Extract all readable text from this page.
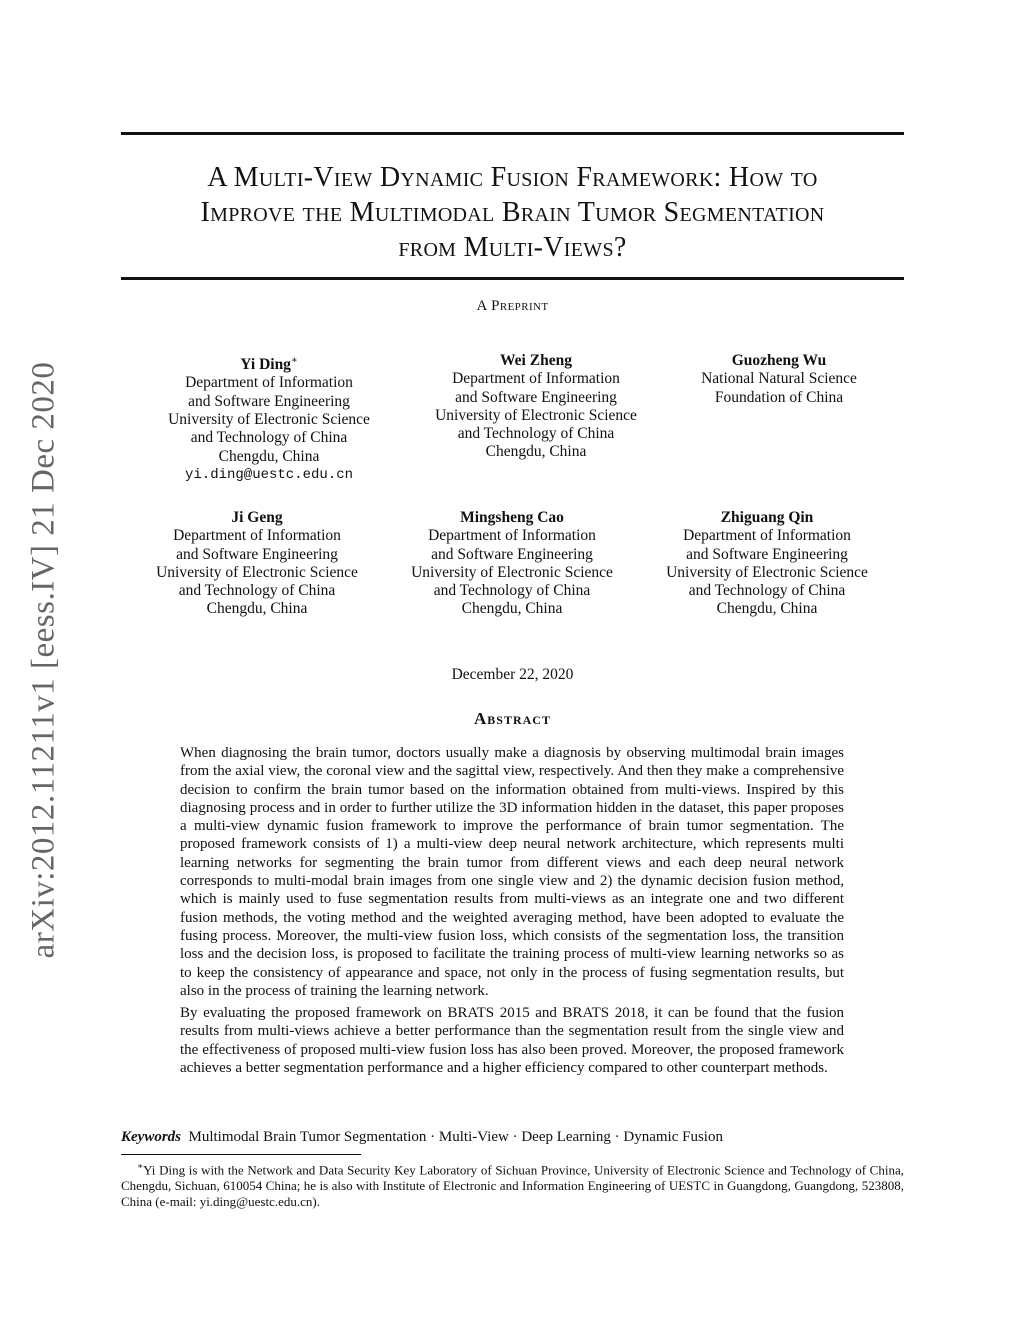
arXiv:2012.11211v1 [eess.IV] 21 Dec 2020
A Multi-View Dynamic Fusion Framework: How to
Improve the Multimodal Brain Tumor Segmentation
from Multi-Views?
A Preprint
Yi Ding∗
Department of Information
and Software Engineering
University of Electronic Science
and Technology of China
Chengdu, China
yi.ding@uestc.edu.cn
Wei Zheng
Department of Information
and Software Engineering
University of Electronic Science
and Technology of China
Chengdu, China
Guozheng Wu
National Natural Science
Foundation of China
Ji Geng
Department of Information
and Software Engineering
University of Electronic Science
and Technology of China
Chengdu, China
Mingsheng Cao
Department of Information
and Software Engineering
University of Electronic Science
and Technology of China
Chengdu, China
Zhiguang Qin
Department of Information
and Software Engineering
University of Electronic Science
and Technology of China
Chengdu, China
December 22, 2020
Abstract

When diagnosing the brain tumor, doctors usually make a diagnosis by observing multimodal brain images from the axial view, the coronal view and the sagittal view, respectively. And then they make a comprehensive decision to confirm the brain tumor based on the information obtained from multi-views. Inspired by this diagnosing process and in order to further utilize the 3D information hidden in the dataset, this paper proposes a multi-view dynamic fusion framework to improve the performance of brain tumor segmentation. The proposed framework consists of 1) a multi-view deep neural network architecture, which represents multi learning networks for segmenting the brain tumor from different views and each deep neural network corresponds to multi-modal brain images from one single view and 2) the dynamic decision fusion method, which is mainly used to fuse segmentation results from multi-views as an integrate one and two different fusion methods, the voting method and the weighted averaging method, have been adopted to evaluate the fusing process. Moreover, the multi-view fusion loss, which consists of the segmentation loss, the transition loss and the decision loss, is proposed to facilitate the training process of multi-view learning networks so as to keep the consistency of appearance and space, not only in the process of fusing segmentation results, but also in the process of training the learning network.

By evaluating the proposed framework on BRATS 2015 and BRATS 2018, it can be found that the fusion results from multi-views achieve a better performance than the segmentation result from the single view and the effectiveness of proposed multi-view fusion loss has also been proved. Moreover, the proposed framework achieves a better segmentation performance and a higher efficiency compared to other counterpart methods.

Keywords Multimodal Brain Tumor Segmentation · Multi-View · Deep Learning · Dynamic Fusion
∗Yi Ding is with the Network and Data Security Key Laboratory of Sichuan Province, University of Electronic Science and Technology of China, Chengdu, Sichuan, 610054 China; he is also with Institute of Electronic and Information Engineering of UESTC in Guangdong, Guangdong, 523808, China (e-mail: yi.ding@uestc.edu.cn).
